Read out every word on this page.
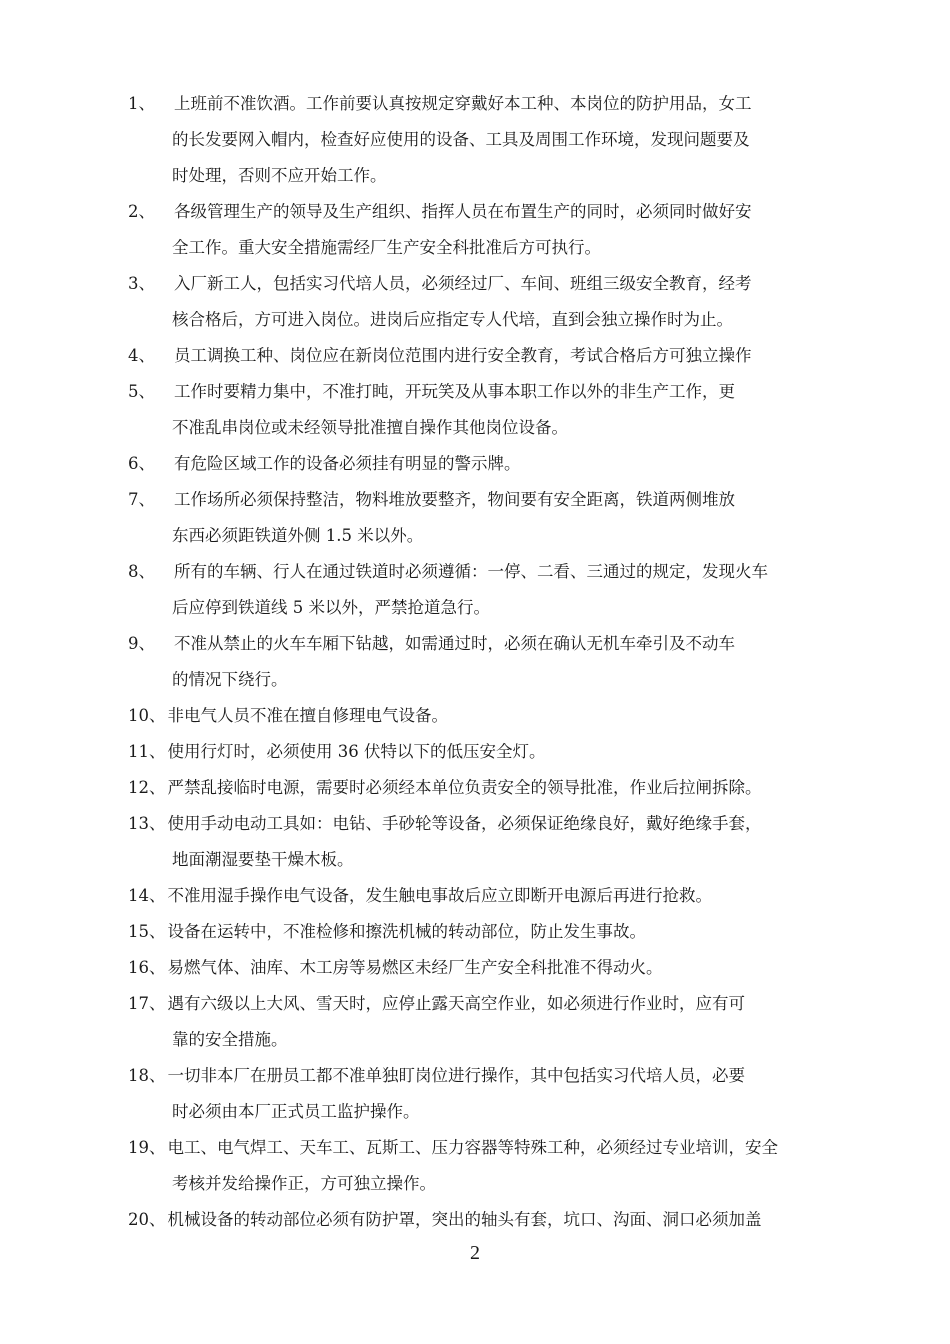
1、	上班前不准饮酒。工作前要认真按规定穿戴好本工种、本岗位的防护用品，女工
的长发要网入帽内，检查好应使用的设备、工具及周围工作环境，发现问题要及
时处理，否则不应开始工作。
2、	各级管理生产的领导及生产组织、指挥人员在布置生产的同时，必须同时做好安
全工作。重大安全措施需经厂生产安全科批准后方可执行。
3、	入厂新工人，包括实习代培人员，必须经过厂、车间、班组三级安全教育，经考
核合格后，方可进入岗位。进岗后应指定专人代培，直到会独立操作时为止。
4、	员工调换工种、岗位应在新岗位范围内进行安全教育，考试合格后方可独立操作
5、	工作时要精力集中，不准打盹，开玩笑及从事本职工作以外的非生产工作，更
不准乱串岗位或未经领导批准擅自操作其他岗位设备。
6、	有危险区域工作的设备必须挂有明显的警示牌。
7、	工作场所必须保持整洁，物料堆放要整齐，物间要有安全距离，铁道两侧堆放
东西必须距铁道外侧 1.5 米以外。
8、	所有的车辆、行人在通过铁道时必须遵循：一停、二看、三通过的规定，发现火车
后应停到铁道线 5 米以外，严禁抢道急行。
9、	不准从禁止的火车车厢下钻越，如需通过时，必须在确认无机车牵引及不动车
的情况下绕行。
10、 非电气人员不准在擅自修理电气设备。
11、 使用行灯时，必须使用 36 伏特以下的低压安全灯。
12、 严禁乱接临时电源，需要时必须经本单位负责安全的领导批准，作业后拉闸拆除。
13、 使用手动电动工具如：电钻、手砂轮等设备，必须保证绝缘良好，戴好绝缘手套，
地面潮湿要垫干燥木板。
14、 不准用湿手操作电气设备，发生触电事故后应立即断开电源后再进行抢救。
15、 设备在运转中，不准检修和擦洗机械的转动部位，防止发生事故。
16、 易燃气体、油库、木工房等易燃区未经厂生产安全科批准不得动火。
17、 遇有六级以上大风、雪天时，应停止露天高空作业，如必须进行作业时，应有可
靠的安全措施。
18、 一切非本厂在册员工都不准单独盯岗位进行操作，其中包括实习代培人员，必要
时必须由本厂正式员工监护操作。
19、 电工、电气焊工、天车工、瓦斯工、压力容器等特殊工种，必须经过专业培训，安全
考核并发给操作正，方可独立操作。
20、 机械设备的转动部位必须有防护罩，突出的轴头有套，坑口、沟面、洞口必须加盖
2
